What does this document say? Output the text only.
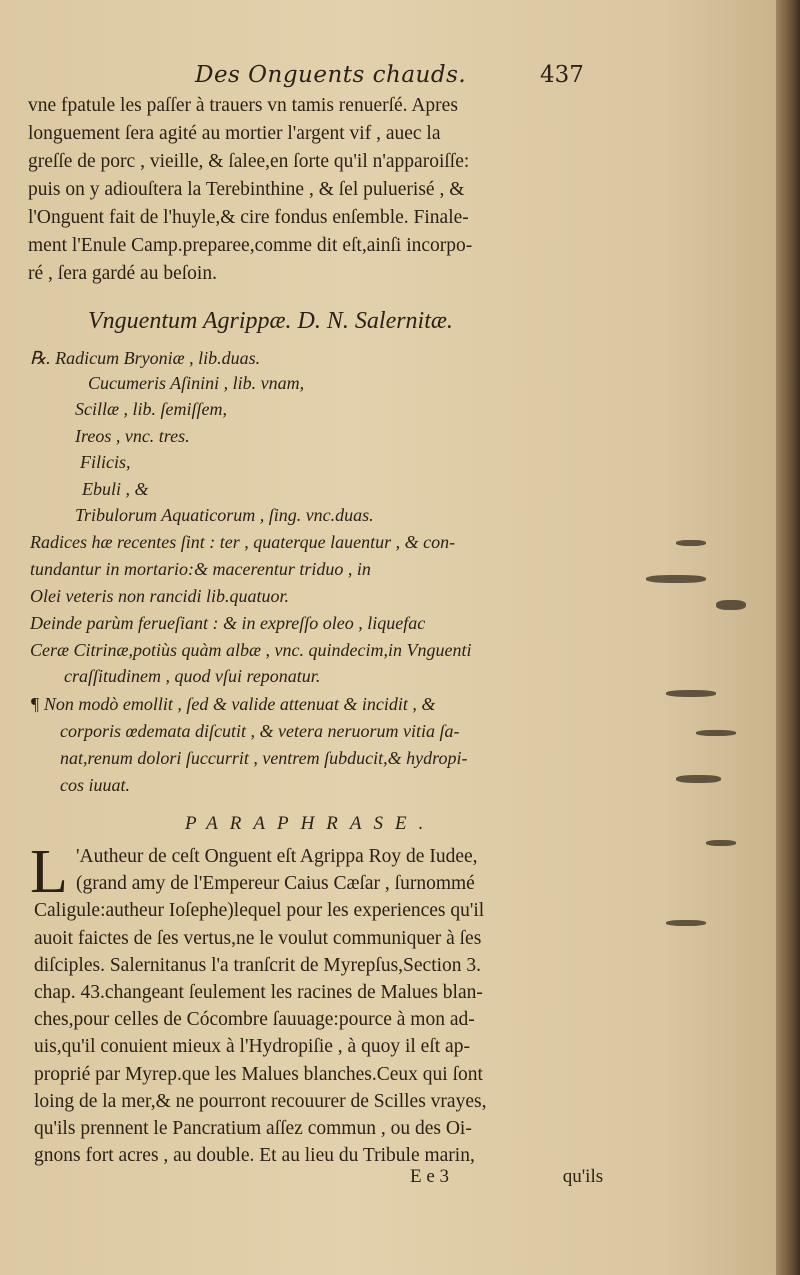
Des Onguents chauds.	437
vne fpatule les paſſer à trauers vn tamis renuerſé. Apres
longuement ſera agité au mortier l'argent vif , auec la
greſſe de porc , vieille, & ſalee,en ſorte qu'il n'apparoiſſe:
puis on y adiouſtera la Terebinthine , & ſel puluerisé , &
l'Onguent fait de l'huyle,& cire fondus enſemble. Finale-
ment l'Enule Camp.preparee,comme dit eſt,ainſi incorpo-
ré , ſera gardé au beſoin.
Vnguentum Agrippæ. D. N. Salernitæ.
℞. Radicum Bryoniæ , lib.duas.
Cucumeris Aſinini , lib. vnam,
Scillæ , lib. ſemiſſem,
Ireos , vnc. tres.
Filicis,
Ebuli , &
Tribulorum Aquaticorum , ſing. vnc.duas.
Radices hæ recentes ſint : ter , quaterque lauentur , & con-
tundantur in mortario:& macerentur triduo , in
Olei veteris non rancidi lib.quatuor.
Deinde parùm ferueſiant : & in expreſſo oleo , liquefac
Ceræ Citrinæ,potiùs quàm albæ , vnc. quindecim,in Vnguenti
craſſitudinem , quod vſui reponatur.
¶ Non modò emollit , ſed & valide attenuat & incidit , &
corporis œdemata diſcutit , & vetera neruorum vitia ſa-
nat,renum dolori ſuccurrit , ventrem ſubducit,& hydropi-
cos iuuat.
PARAPHRASE.
L 'Autheur de ceſt Onguent eſt Agrippa Roy de Iudee,
(grand amy de l'Empereur Caius Cæſar , ſurnommé
Caligule:autheur Ioſephe)lequel pour les experiences qu'il
auoit faictes de ſes vertus,ne le voulut communiquer à ſes
diſciples. Salernitanus l'a tranſcrit de Myrepſus,Section 3.
chap. 43.changeant ſeulement les racines de Malues blan-
ches,pour celles de Cócombre ſauuage:pource à mon ad-
uis,qu'il conuient mieux à l'Hydropiſie , à quoy il eſt ap-
proprié par Myrep.que les Malues blanches.Ceux qui ſont
loing de la mer,& ne pourront recouurer de Scilles vrayes,
qu'ils prennent le Pancratium aſſez commun , ou des Oi-
gnons fort acres , au double. Et au lieu du Tribule marin,
E e 3	qu'ils
